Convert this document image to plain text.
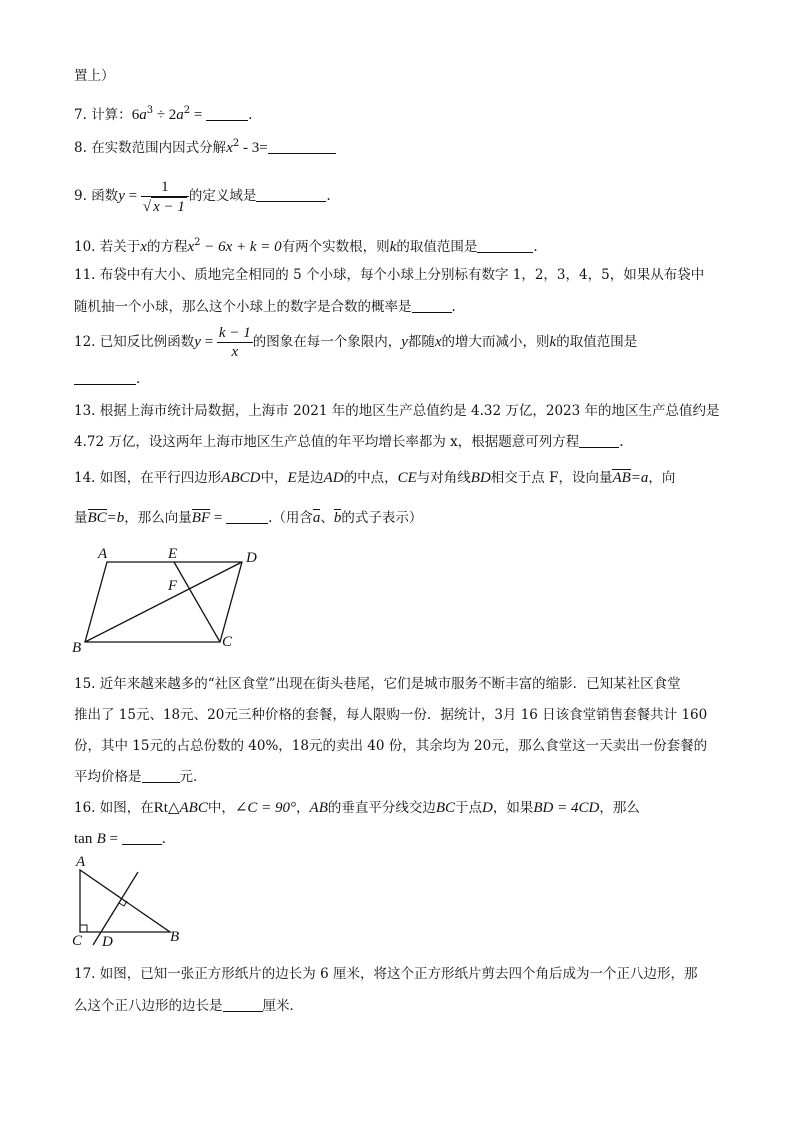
置上）
7. 计算：$6a^3 \div 2a^2$ =	.
8. 在实数范围内因式分解$x^2 - 3=$
9. 函数$y = \frac{1}{√ x - 1}$ 的定义域是	.
10. 若关于x的方程$x^2 - 6x + k = 0$有两个实数根，则k的取值范围是	.
11. 布袋中有大小、质地完全相同的 5 个小球，每个小球上分别标有数字 1，2，3，4，5，如果从布袋中
随机抽一个小球，那么这个小球上的数字是合数的概率是	.
12. 已知反比例函数$y = \frac{k - 1}{x}$ 的图象在每一个象限内，y都随x的增大而减小，则k的取值范围是
.
13. 根据上海市统计局数据，上海市 2021 年的地区生产总值约是 4.32 万亿，2023 年的地区生产总值约是
4.72 万亿，设这两年上海市地区生产总值的年平均增长率都为 x，根据题意可列方程	.
14. 如图，在平行四边形ABCD中，E是边AD的中点，CE与对角线BD相交于点 F，设向量AB=a，向
量BC=b，那么向量BF =	.（用含a、b的式子表示）
A	E	D
F
B	C
15. 近年来越来越多的“社区食堂”出现在街头巷尾，它们是城市服务不断丰富的缩影．已知某社区食堂
推出了 15元、18元、20元三种价格的套餐，每人限购一份．据统计，3月 16 日该食堂销售套餐共计 160
份，其中 15元的占总份数的 40%，18元的卖出 40 份，其余均为 20元，那么食堂这一天卖出一份套餐的
平均价格是	元．
16. 如图，在Rt△ABC中，∠C = 90°，AB的垂直平分线交边BC于点D，如果BD = 4CD，那么
tan B =	.
A
C D	B
17. 如图，已知一张正方形纸片的边长为 6 厘米，将这个正方形纸片剪去四个角后成为一个正八边形，那
么这个正八边形的边长是	厘米．
